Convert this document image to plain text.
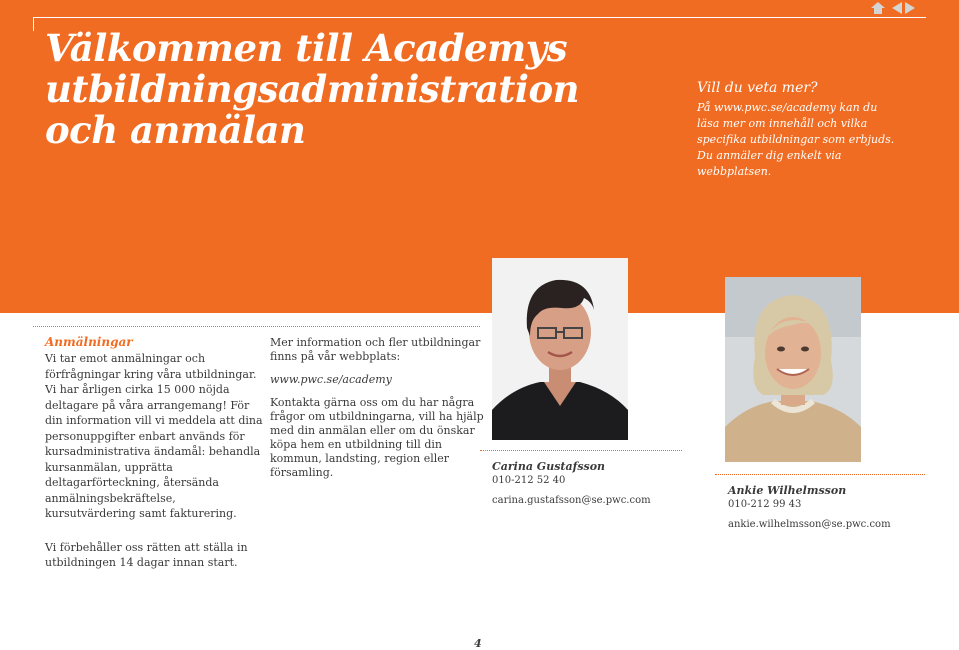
Välkommen till Academys
utbildningsadministration
och anmälan
Vill du veta mer?
På www.pwc.se/academy kan du
läsa mer om innehåll och vilka
specifika utbildningar som erbjuds.
Du anmäler dig enkelt via webbplatsen.
Anmälningar

Vi tar emot anmälningar och förfrågningar kring våra utbildningar. Vi har årligen cirka 15 000 nöjda deltagare på våra arrangemang! För din information vill vi meddela att dina personuppgifter enbart används för kursadministrativa ändamål: behandla kursanmälan, upprätta deltagarförteckning, återsända anmälningsbekräftelse, kursutvärdering samt fakturering.

Vi förbehåller oss rätten att ställa in utbildningen 14 dagar innan start.

Mer information och fler utbildningar finns på vår webbplats:

www.pwc.se/academy

Kontakta gärna oss om du har några frågor om utbildningarna, vill ha hjälp med din anmälan eller om du önskar köpa hem en utbildning till din kommun, landsting, region eller församling.	Carina Gustafsson
010-212 52 40
carina.gustafsson@se.pwc.com
Ankie Wilhelmsson
010-212 99 43
ankie.wilhelmsson@se.pwc.com
4
